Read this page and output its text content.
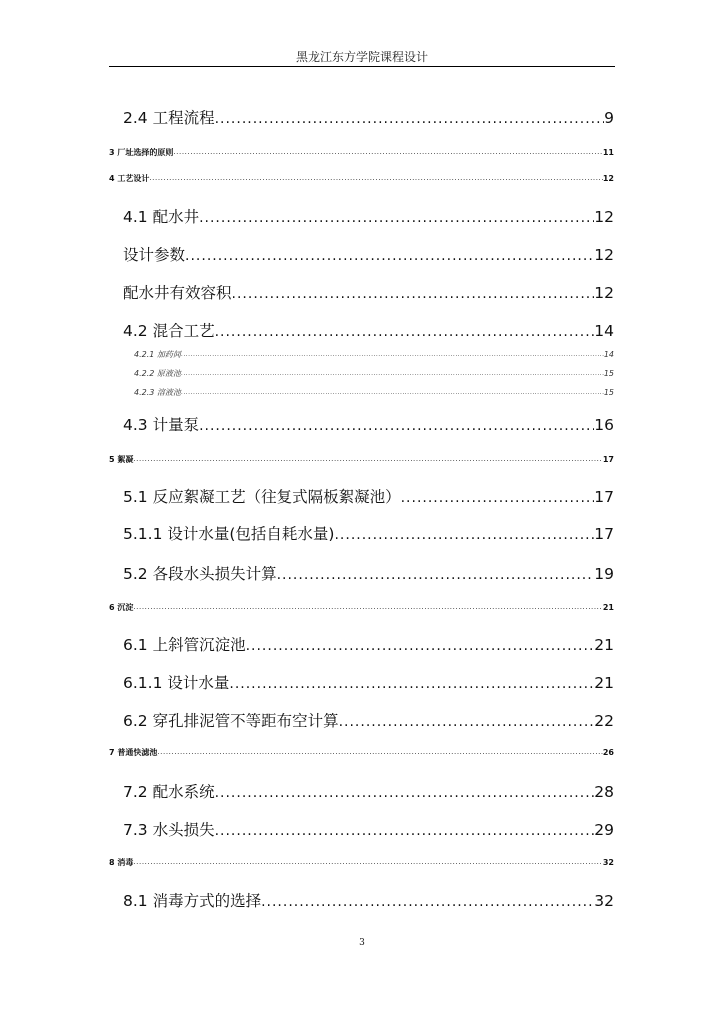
黑龙江东方学院课程设计
2.4 工程流程 .....	9
3 厂址选择的原则 .....	11
4 工艺设计 .....	12
4.1 配水井 .....	12
设计参数 .....	12
配水井有效容积 .....	12
4.2 混合工艺 .....	14
4.2.1 加药间 .....	14
4.2.2 原液池 .....	15
4.2.3 溶液池 .....	15
4.3 计量泵 .....	16
5 絮凝 .....	17
5.1 反应絮凝工艺（往复式隔板絮凝池） .....	17
5.1.1 设计水量(包括自耗水量) .....	17
5.2 各段水头损失计算 .....	19
6 沉淀 .....	21
6.1 上斜管沉淀池 .....	21
6.1.1 设计水量 .....	21
6.2 穿孔排泥管不等距布空计算 .....	22
7 普通快滤池 .....	26
7.2 配水系统 .....	28
7.3 水头损失 .....	29
8 消毒 .....	32
8.1 消毒方式的选择 .....	32
3
